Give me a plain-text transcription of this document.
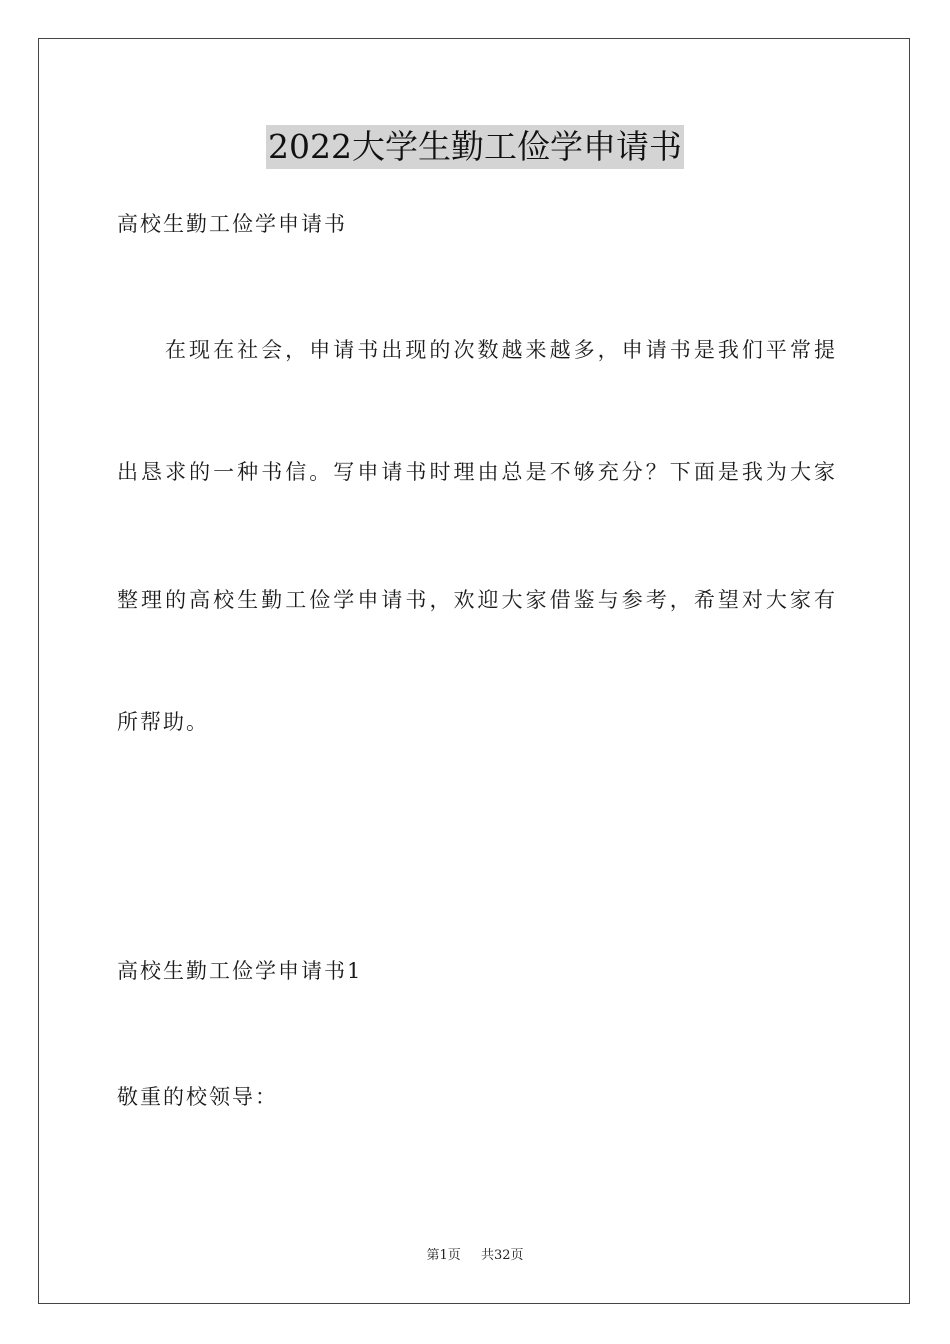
2022大学生勤工俭学申请书
高校生勤工俭学申请书
在现在社会，申请书出现的次数越来越多，申请书是我们平常提
出恳求的一种书信。写申请书时理由总是不够充分？下面是我为大家
整理的高校生勤工俭学申请书，欢迎大家借鉴与参考，希望对大家有
所帮助。
高校生勤工俭学申请书1
敬重的校领导：
第1页 共32页
